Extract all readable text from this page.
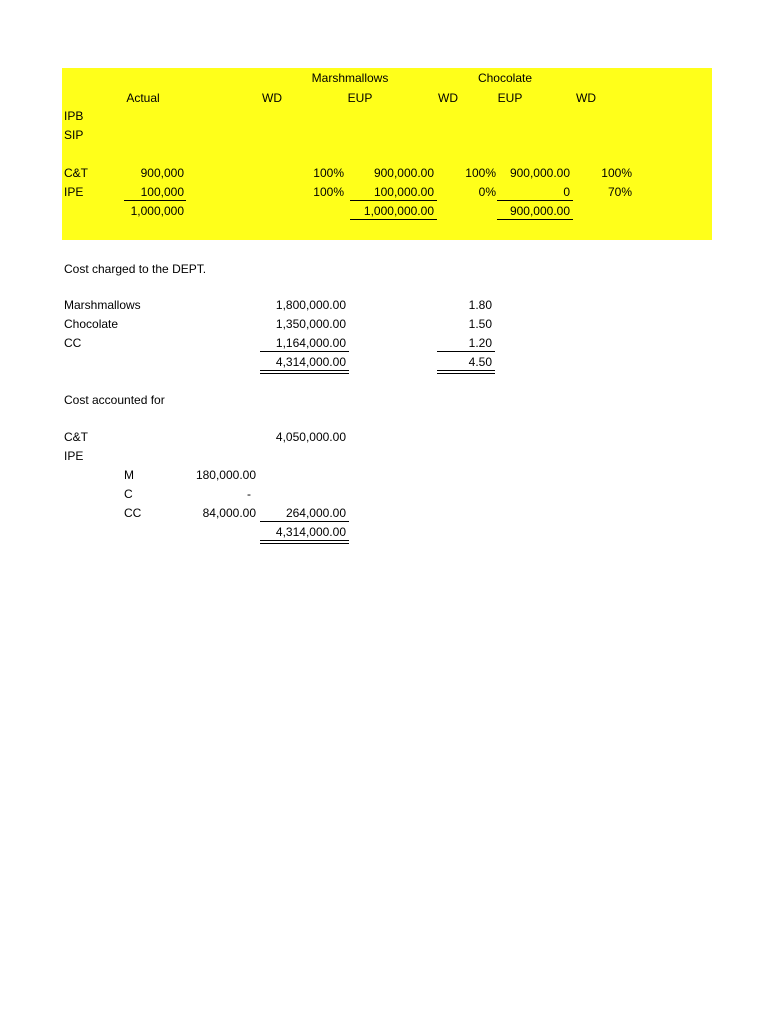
Marshmallows	Chocolate
Actual	WD	EUP	WD	EUP	WD
IPB
SIP
C&T	900,000	100%	900,000.00	100%	900,000.00	100%
IPE	100,000	100%	100,000.00	0%	0	70%
1,000,000	1,000,000.00	900,000.00
Cost charged to the DEPT.
Marshmallows	1,800,000.00	1.80
Chocolate	1,350,000.00	1.50
CC	1,164,000.00	1.20
4,314,000.00	4.50
Cost accounted for
C&T	4,050,000.00
IPE
M	180,000.00
C	-
CC	84,000.00	264,000.00
4,314,000.00
